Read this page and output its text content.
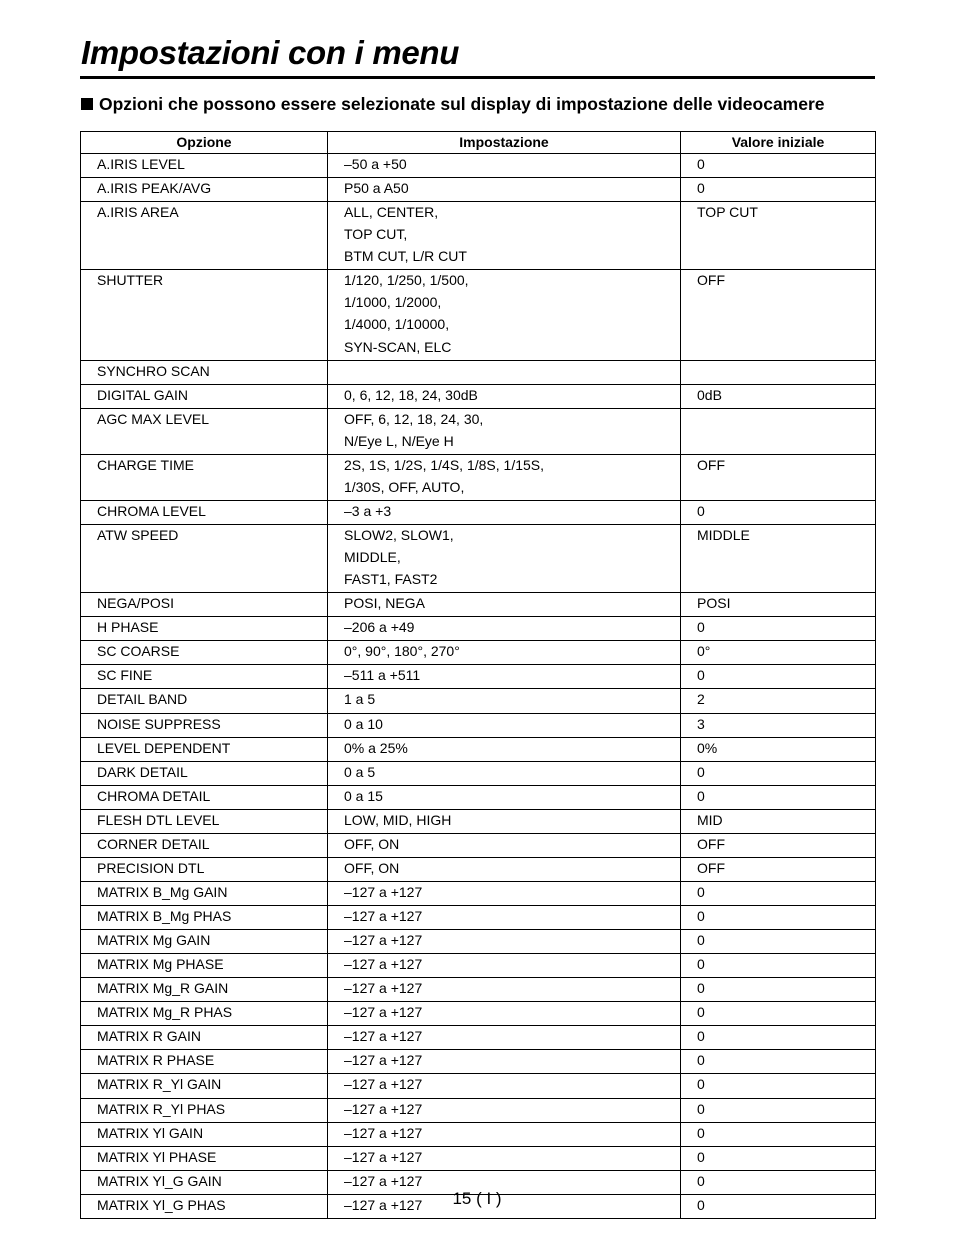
Impostazioni con i menu
Opzioni che possono essere selezionate sul display di impostazione delle videocamere
Opzione	Impostazione	Valore iniziale

A.IRIS LEVEL	–50 a +50	0

A.IRIS PEAK/AVG	P50 a A50	0

A.IRIS AREA	ALL, CENTER,
TOP CUT,
BTM CUT, L/R CUT	TOP CUT

SHUTTER	1/120, 1/250, 1/500,
1/1000, 1/2000,
1/4000, 1/10000,
SYN-SCAN, ELC	OFF

SYNCHRO SCAN		

DIGITAL GAIN	0, 6, 12, 18, 24, 30dB	0dB

AGC MAX LEVEL	OFF, 6, 12, 18, 24, 30,
N/Eye L, N/Eye H	

CHARGE TIME	2S, 1S, 1/2S, 1/4S, 1/8S, 1/15S,
1/30S, OFF, AUTO,	OFF

CHROMA LEVEL	–3 a +3	0

ATW SPEED	SLOW2, SLOW1,
MIDDLE,
FAST1, FAST2	MIDDLE

NEGA/POSI	POSI, NEGA	POSI

H PHASE	–206 a +49	0

SC COARSE	0°, 90°, 180°, 270°	0°

SC FINE	–511 a +511	0

DETAIL BAND	1 a 5	2

NOISE SUPPRESS	0 a 10	3

LEVEL DEPENDENT	0% a 25%	0%

DARK DETAIL	0 a 5	0

CHROMA DETAIL	0 a 15	0

FLESH DTL LEVEL	LOW, MID, HIGH	MID

CORNER DETAIL	OFF, ON	OFF

PRECISION DTL	OFF, ON	OFF

MATRIX B_Mg GAIN	–127 a +127	0

MATRIX B_Mg PHAS	–127 a +127	0

MATRIX Mg GAIN	–127 a +127	0

MATRIX Mg PHASE	–127 a +127	0

MATRIX Mg_R GAIN	–127 a +127	0

MATRIX Mg_R PHAS	–127 a +127	0

MATRIX R GAIN	–127 a +127	0

MATRIX R PHASE	–127 a +127	0

MATRIX R_Yl GAIN	–127 a +127	0

MATRIX R_Yl PHAS	–127 a +127	0

MATRIX Yl GAIN	–127 a +127	0

MATRIX Yl PHASE	–127 a +127	0

MATRIX Yl_G GAIN	–127 a +127	0

MATRIX Yl_G PHAS	–127 a +127	0
15 ( I )
